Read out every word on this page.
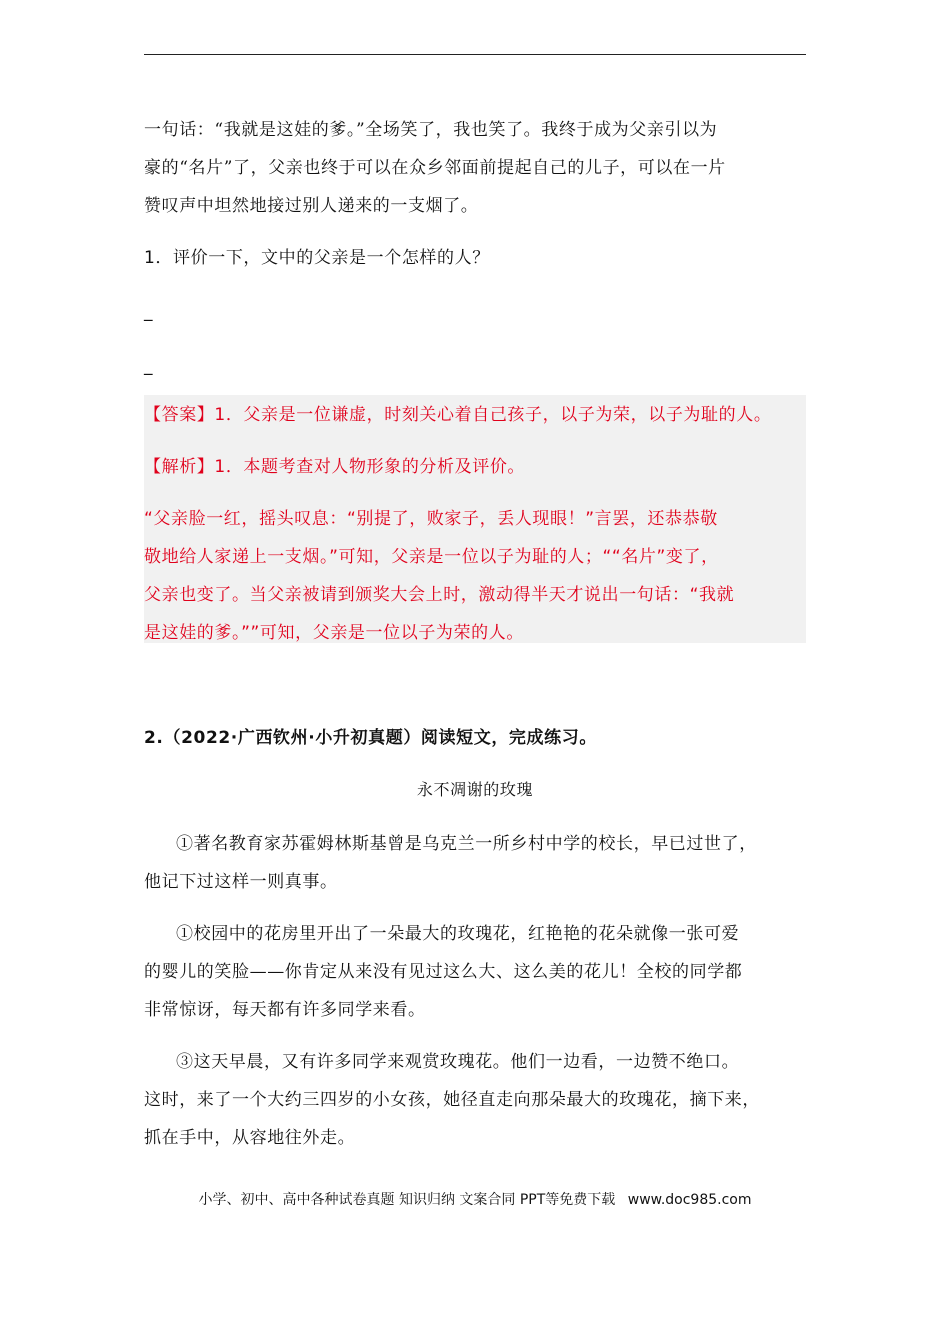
一句话：“我就是这娃的爹。”全场笑了，我也笑了。我终于成为父亲引以为
豪的“名片”了，父亲也终于可以在众乡邻面前提起自己的儿子，可以在一片
赞叹声中坦然地接过别人递来的一支烟了。
1．评价一下，文中的父亲是一个怎样的人？
_
_
【答案】1．父亲是一位谦虚，时刻关心着自己孩子，以子为荣，以子为耻的人。
【解析】1．本题考查对人物形象的分析及评价。
“父亲脸一红，摇头叹息：“别提了，败家子，丢人现眼！”言罢，还恭恭敬
敬地给人家递上一支烟。”可知，父亲是一位以子为耻的人；““名片”变了，
父亲也变了。当父亲被请到颁奖大会上时，激动得半天才说出一句话：“我就
是这娃的爹。””可知，父亲是一位以子为荣的人。
2.（2022·广西钦州·小升初真题）阅读短文，完成练习。
永不凋谢的玫瑰
①著名教育家苏霍姆林斯基曾是乌克兰一所乡村中学的校长，早已过世了，
他记下过这样一则真事。
①校园中的花房里开出了一朵最大的玫瑰花，红艳艳的花朵就像一张可爱
的婴儿的笑脸——你肯定从来没有见过这么大、这么美的花儿！全校的同学都
非常惊讶，每天都有许多同学来看。
③这天早晨，又有许多同学来观赏玫瑰花。他们一边看，一边赞不绝口。
这时，来了一个大约三四岁的小女孩，她径直走向那朵最大的玫瑰花，摘下来，
抓在手中，从容地往外走。
小学、初中、高中各种试卷真题 知识归纳 文案合同 PPT等免费下载 www.doc985.com
